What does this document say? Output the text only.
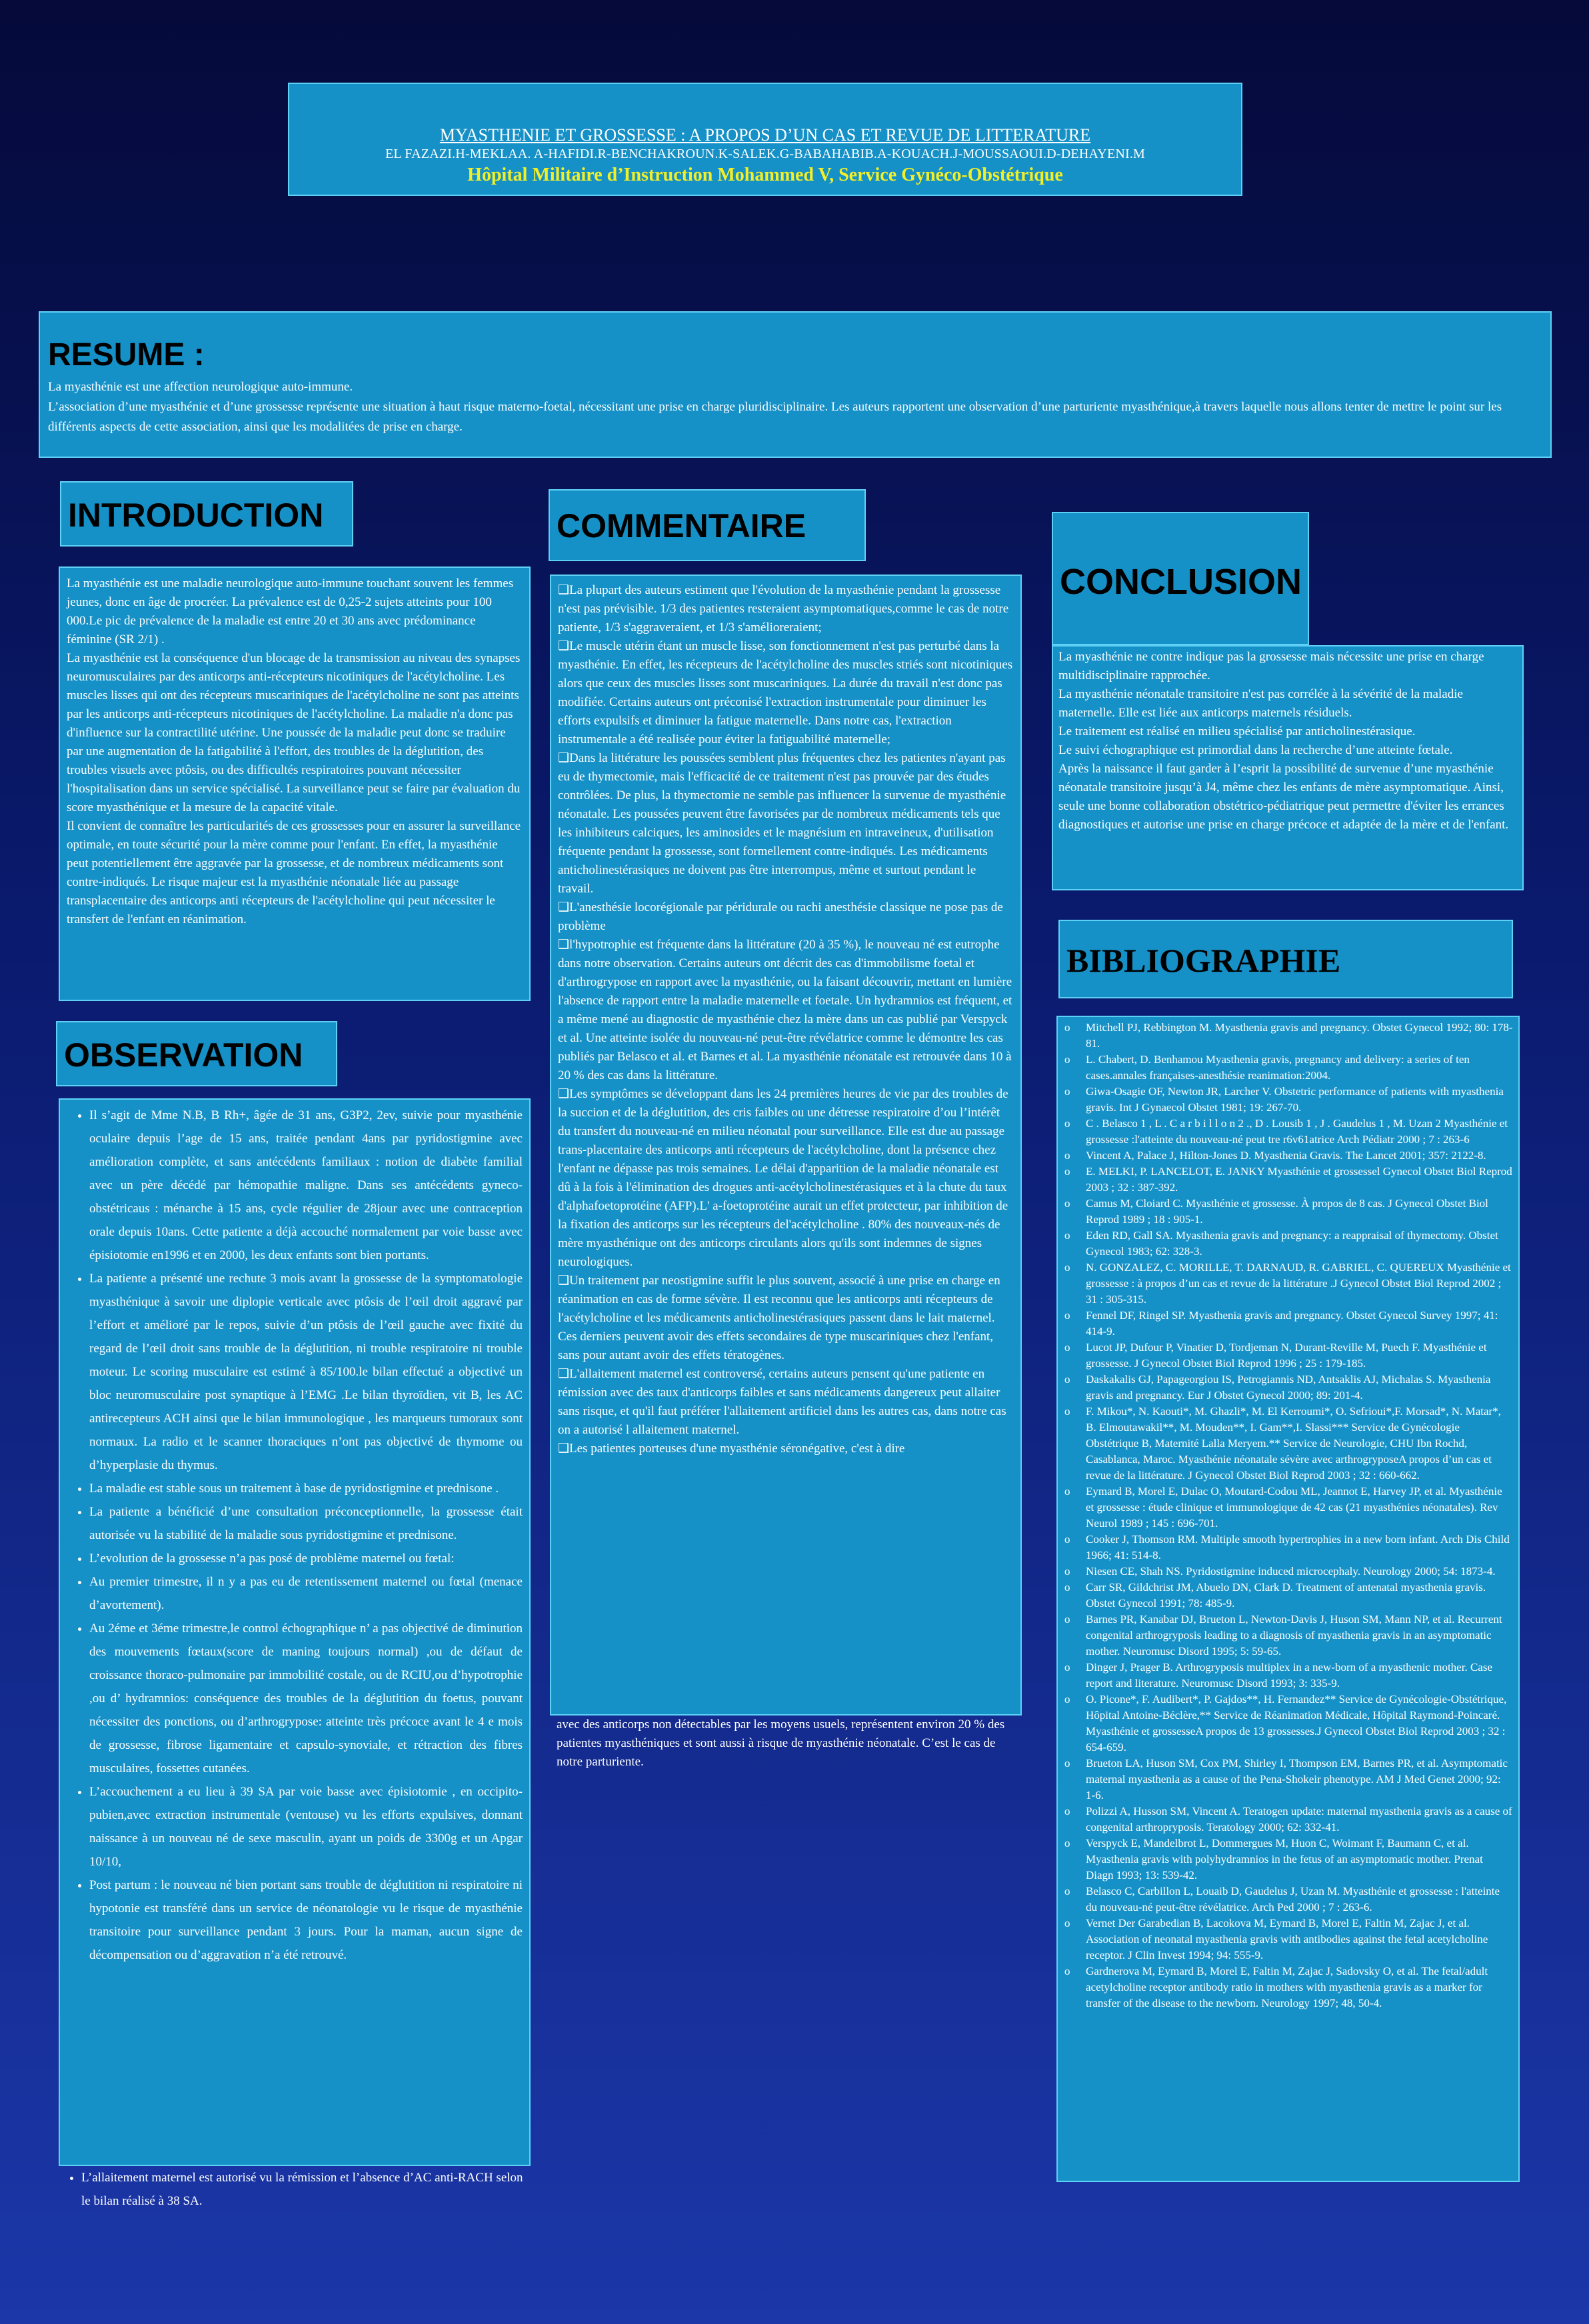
MYASTHENIE ET GROSSESSE : A PROPOS D’UN CAS ET REVUE DE LITTERATURE
EL FAZAZI.H-MEKLAA. A-HAFIDI.R-BENCHAKROUN.K-SALEK.G-BABAHABIB.A-KOUACH.J-MOUSSAOUI.D-DEHAYENI.M
Hôpital Militaire d’Instruction Mohammed V, Service Gynéco-Obstétrique
RESUME :

La myasthénie est une affection neurologique auto-immune.

L’association d’une myasthénie et d’une grossesse représente une situation à haut risque materno-foetal, nécessitant une prise en charge pluridisciplinaire. Les auteurs rapportent une observation d’une parturiente myasthénique,à travers laquelle nous allons tenter de mettre le point sur les différents aspects de cette association, ainsi que les modalitées de prise en charge.

INTRODUCTION

La myasthénie est une maladie neurologique auto-immune touchant souvent les femmes jeunes, donc en âge de procréer. La prévalence est de 0,25-2 sujets atteints pour 100 000.Le pic de prévalence de la maladie est entre 20 et 30 ans avec prédominance féminine (SR 2/1) .

La myasthénie est la conséquence d'un blocage de la transmission au niveau des synapses neuromusculaires par des anticorps anti-récepteurs nicotiniques de l'acétylcholine. Les muscles lisses qui ont des récepteurs muscariniques de l'acétylcholine ne sont pas atteints par les anticorps anti-récepteurs nicotiniques de l'acétylcholine. La maladie n'a donc pas d'influence sur la contractilité utérine. Une poussée de la maladie peut donc se traduire par une augmentation de la fatigabilité à l'effort, des troubles de la déglutition, des troubles visuels avec ptôsis, ou des difficultés respiratoires pouvant nécessiter l'hospitalisation dans un service spécialisé. La surveillance peut se faire par évaluation du score myasthénique et la mesure de la capacité vitale.

Il convient de connaître les particularités de ces grossesses pour en assurer la surveillance optimale, en toute sécurité pour la mère comme pour l'enfant. En effet, la myasthénie peut potentiellement être aggravée par la grossesse, et de nombreux médicaments sont contre-indiqués. Le risque majeur est la myasthénie néonatale liée au passage transplacentaire des anticorps anti récepteurs de l'acétylcholine qui peut nécessiter le transfert de l'enfant en réanimation.

OBSERVATION
• Il s’agit de Mme N.B, B Rh+, âgée de 31 ans, G3P2, 2ev, suivie pour myasthénie oculaire depuis l’age de 15 ans, traitée pendant 4ans par pyridostigmine avec amélioration complète, et sans antécédents familiaux : notion de diabète familial avec un père décédé par hémopathie maligne. Dans ses antécédents gyneco-obstétricaus : ménarche à 15 ans, cycle régulier de 28jour avec une contraception orale depuis 10ans. Cette patiente a déjà accouché normalement par voie basse avec épisiotomie en1996 et en 2000, les deux enfants sont bien portants.
• La patiente a présenté une rechute 3 mois avant la grossesse de la symptomatologie myasthénique à savoir une diplopie verticale avec ptôsis de l’œil droit aggravé par l’effort et amélioré par le repos, suivie d’un ptôsis de l’œil gauche avec fixité du regard de l’œil droit sans trouble de la déglutition, ni trouble respiratoire ni trouble moteur. Le scoring musculaire est estimé à 85/100.le bilan effectué a objectivé un bloc neuromusculaire post synaptique à l’EMG .Le bilan thyroïdien, vit B, les AC antirecepteurs ACH ainsi que le bilan immunologique , les marqueurs tumoraux sont normaux. La radio et le scanner thoraciques n’ont pas objectivé de thymome ou d’hyperplasie du thymus.
• La maladie est stable sous un traitement à base de pyridostigmine et prednisone .
• La patiente a bénéficié d’une consultation préconceptionnelle, la grossesse était autorisée vu la stabilité de la maladie sous pyridostigmine et prednisone.
• L’evolution de la grossesse n’a pas posé de problème maternel ou fœtal:
• Au premier trimestre, il n y a pas eu de retentissement maternel ou fœtal (menace d’avortement).
• Au 2éme et 3éme trimestre,le control échographique n’ a pas objectivé de diminution des mouvements fœtaux(score de maning toujours normal) ,ou de défaut de croissance thoraco-pulmonaire par immobilité costale, ou de RCIU,ou d’hypotrophie ,ou d’ hydramnios: conséquence des troubles de la déglutition du foetus, pouvant nécessiter des ponctions, ou d’arthrogrypose: atteinte très précoce avant le 4 e mois de grossesse, fibrose ligamentaire et capsulo-synoviale, et rétraction des fibres musculaires, fossettes cutanées.
• L’accouchement a eu lieu à 39 SA par voie basse avec épisiotomie , en occipito-pubien,avec extraction instrumentale (ventouse) vu les efforts expulsives, donnant naissance à un nouveau né de sexe masculin, ayant un poids de 3300g et un Apgar 10/10,
• Post partum : le nouveau né bien portant sans trouble de déglutition ni respiratoire ni hypotonie est transféré dans un service de néonatologie vu le risque de myasthénie transitoire pour surveillance pendant 3 jours. Pour la maman, aucun signe de décompensation ou d’aggravation n’a été retrouvé.
• L’allaitement maternel est autorisé vu la rémission et l’absence d’AC anti-RACH selon le bilan réalisé à 38 SA.
COMMENTAIRE

❑La plupart des auteurs estiment que l'évolution de la myasthénie pendant la grossesse n'est pas prévisible. 1/3 des patientes resteraient asymptomatiques,comme le cas de notre patiente, 1/3 s'aggraveraient, et 1/3 s'amélioreraient;

❑Le muscle utérin étant un muscle lisse, son fonctionnement n'est pas perturbé dans la myasthénie. En effet, les récepteurs de l'acétylcholine des muscles striés sont nicotiniques alors que ceux des muscles lisses sont muscariniques. La durée du travail n'est donc pas modifiée. Certains auteurs ont préconisé l'extraction instrumentale pour diminuer les efforts expulsifs et diminuer la fatigue maternelle. Dans notre cas, l'extraction instrumentale a été realisée pour éviter la fatiguabilité maternelle;

❑Dans la littérature les poussées semblent plus fréquentes chez les patientes n'ayant pas eu de thymectomie, mais l'efficacité de ce traitement n'est pas prouvée par des études contrôlées. De plus, la thymectomie ne semble pas influencer la survenue de myasthénie néonatale. Les poussées peuvent être favorisées par de nombreux médicaments tels que les inhibiteurs calciques, les aminosides et le magnésium en intraveineux, d'utilisation fréquente pendant la grossesse, sont formellement contre-indiqués. Les médicaments anticholinestérasiques ne doivent pas être interrompus, même et surtout pendant le travail.

❑L'anesthésie locorégionale par péridurale ou rachi anesthésie classique ne pose pas de problème

❑l'hypotrophie est fréquente dans la littérature (20 à 35 %), le nouveau né est eutrophe dans notre observation. Certains auteurs ont décrit des cas d'immobilisme foetal et d'arthrogrypose en rapport avec la myasthénie, ou la faisant découvrir, mettant en lumière l'absence de rapport entre la maladie maternelle et foetale. Un hydramnios est fréquent, et a même mené au diagnostic de myasthénie chez la mère dans un cas publié par Verspyck et al. Une atteinte isolée du nouveau-né peut-être révélatrice comme le démontre les cas publiés par Belasco et al. et Barnes et al. La myasthénie néonatale est retrouvée dans 10 à 20 % des cas dans la littérature.

❑Les symptômes se développant dans les 24 premières heures de vie par des troubles de la succion et de la déglutition, des cris faibles ou une détresse respiratoire d’ou l’intérêt du transfert du nouveau-né en milieu néonatal pour surveillance. Elle est due au passage trans-placentaire des anticorps anti récepteurs de l'acétylcholine, dont la présence chez l'enfant ne dépasse pas trois semaines. Le délai d'apparition de la maladie néonatale est dû à la fois à l'élimination des drogues anti-acétylcholinestérasiques et à la chute du taux d'alphafoetoprotéine (AFP).L' a-foetoprotéine aurait un effet protecteur, par inhibition de la fixation des anticorps sur les récepteurs del'acétylcholine . 80% des nouveaux-nés de mère myasthénique ont des anticorps circulants alors qu'ils sont indemnes de signes neurologiques.

❑Un traitement par neostigmine suffit le plus souvent, associé à une prise en charge en réanimation en cas de forme sévère. Il est reconnu que les anticorps anti récepteurs de l'acétylcholine et les médicaments anticholinestérasiques passent dans le lait maternel. Ces derniers peuvent avoir des effets secondaires de type muscariniques chez l'enfant, sans pour autant avoir des effets tératogènes.

❑L'allaitement maternel est controversé, certains auteurs pensent qu'une patiente en rémission avec des taux d'anticorps faibles et sans médicaments dangereux peut allaiter sans risque, et qu'il faut préférer l'allaitement artificiel dans les autres cas, dans notre cas on a autorisé l allaitement maternel.

❑Les patientes porteuses d'une myasthénie séronégative, c'est à dire

avec des anticorps non détectables par les moyens usuels, représentent environ 20 % des patientes myasthéniques et sont aussi à risque de myasthénie néonatale. C’est le cas de notre parturiente.
CONCLUSION

La myasthénie ne contre indique pas la grossesse mais nécessite une prise en charge multidisciplinaire rapprochée.

La myasthénie néonatale transitoire n'est pas corrélée à la sévérité de la maladie maternelle. Elle est liée aux anticorps maternels résiduels.

Le traitement est réalisé en milieu spécialisé par anticholinestérasique.

Le suivi échographique est primordial dans la recherche d’une atteinte fœtale.

Après la naissance il faut garder à l’esprit la possibilité de survenue d’une myasthénie néonatale transitoire jusqu’à J4, même chez les enfants de mère asymptomatique. Ainsi, seule une bonne collaboration obstétrico-pédiatrique peut permettre d'éviter les errances diagnostiques et autorise une prise en charge précoce et adaptée de la mère et de l'enfant.

BIBLIOGRAPHIE
o Mitchell PJ, Rebbington M. Myasthenia gravis and pregnancy. Obstet Gynecol 1992; 80: 178-81.
o L. Chabert, D. Benhamou Myasthenia gravis, pregnancy and delivery: a series of ten cases.annales françaises-anesthésie reanimation:2004.
o Giwa-Osagie OF, Newton JR, Larcher V. Obstetric performance of patients with myasthenia gravis. Int J Gynaecol Obstet 1981; 19: 267-70.
o C . Belasco 1 , L . C a r b i l l o n 2 ., D . Lousib 1 , J . Gaudelus 1 , M. Uzan 2 Myasthénie et grossesse :l'atteinte du nouveau-né peut tre r6v61atrice Arch Pédiatr 2000 ; 7 : 263-6
o Vincent A, Palace J, Hilton-Jones D. Myasthenia Gravis. The Lancet 2001; 357: 2122-8.
o E. MELKI, P. LANCELOT, E. JANKY Myasthénie et grossessel Gynecol Obstet Biol Reprod 2003 ; 32 : 387-392.
o Camus M, Cloiard C. Myasthénie et grossesse. À propos de 8 cas. J Gynecol Obstet Biol Reprod 1989 ; 18 : 905-1.
o Eden RD, Gall SA. Myasthenia gravis and pregnancy: a reappraisal of thymectomy. Obstet Gynecol 1983; 62: 328-3.
o N. GONZALEZ, C. MORILLE, T. DARNAUD, R. GABRIEL, C. QUEREUX Myasthénie et grossesse : à propos d’un cas et revue de la littérature .J Gynecol Obstet Biol Reprod 2002 ; 31 : 305-315.
o Fennel DF, Ringel SP. Myasthenia gravis and pregnancy. Obstet Gynecol Survey 1997; 41: 414-9.
o Lucot JP, Dufour P, Vinatier D, Tordjeman N, Durant-Reville M, Puech F. Myasthénie et grossesse. J Gynecol Obstet Biol Reprod 1996 ; 25 : 179-185.
o Daskakalis GJ, Papageorgiou IS, Petrogiannis ND, Antsaklis AJ, Michalas S. Myasthenia gravis and pregnancy. Eur J Obstet Gynecol 2000; 89: 201-4.
o F. Mikou*, N. Kaouti*, M. Ghazli*, M. El Kerroumi*, O. Sefrioui*,F. Morsad*, N. Matar*, B. Elmoutawakil**, M. Mouden**, I. Gam**,I. Slassi*** Service de Gynécologie Obstétrique B, Maternité Lalla Meryem.** Service de Neurologie, CHU Ibn Rochd, Casablanca, Maroc. Myasthénie néonatale sévère avec arthrogryposeA propos d’un cas et revue de la littérature. J Gynecol Obstet Biol Reprod 2003 ; 32 : 660-662.
o Eymard B, Morel E, Dulac O, Moutard-Codou ML, Jeannot E, Harvey JP, et al. Myasthénie et grossesse : étude clinique et immunologique de 42 cas (21 myasthénies néonatales). Rev Neurol 1989 ; 145 : 696-701.
o Cooker J, Thomson RM. Multiple smooth hypertrophies in a new born infant. Arch Dis Child 1966; 41: 514-8.
o Niesen CE, Shah NS. Pyridostigmine induced microcephaly. Neurology 2000; 54: 1873-4.
o Carr SR, Gildchrist JM, Abuelo DN, Clark D. Treatment of antenatal myasthenia gravis. Obstet Gynecol 1991; 78: 485-9.
o Barnes PR, Kanabar DJ, Brueton L, Newton-Davis J, Huson SM, Mann NP, et al. Recurrent congenital arthrogryposis leading to a diagnosis of myasthenia gravis in an asymptomatic mother. Neuromusc Disord 1995; 5: 59-65.
o Dinger J, Prager B. Arthrogryposis multiplex in a new-born of a myasthenic mother. Case report and literature. Neuromusc Disord 1993; 3: 335-9.
o O. Picone*, F. Audibert*, P. Gajdos**, H. Fernandez** Service de Gynécologie-Obstétrique, Hôpital Antoine-Béclère,** Service de Réanimation Médicale, Hôpital Raymond-Poincaré. Myasthénie et grossesseA propos de 13 grossesses.J Gynecol Obstet Biol Reprod 2003 ; 32 : 654-659.
o Brueton LA, Huson SM, Cox PM, Shirley I, Thompson EM, Barnes PR, et al. Asymptomatic maternal myasthenia as a cause of the Pena-Shokeir phenotype. AM J Med Genet 2000; 92: 1-6.
o Polizzi A, Husson SM, Vincent A. Teratogen update: maternal myasthenia gravis as a cause of congenital arthropryposis. Teratology 2000; 62: 332-41.
o Verspyck E, Mandelbrot L, Dommergues M, Huon C, Woimant F, Baumann C, et al. Myasthenia gravis with polyhydramnios in the fetus of an asymptomatic mother. Prenat Diagn 1993; 13: 539-42.
o Belasco C, Carbillon L, Louaib D, Gaudelus J, Uzan M. Myasthénie et grossesse : l'atteinte du nouveau-né peut-être révélatrice. Arch Ped 2000 ; 7 : 263-6.
o Vernet Der Garabedian B, Lacokova M, Eymard B, Morel E, Faltin M, Zajac J, et al. Association of neonatal myasthenia gravis with antibodies against the fetal acetylcholine receptor. J Clin Invest 1994; 94: 555-9.
o Gardnerova M, Eymard B, Morel E, Faltin M, Zajac J, Sadovsky O, et al. The fetal/adult acetylcholine receptor antibody ratio in mothers with myasthenia gravis as a marker for transfer of the disease to the newborn. Neurology 1997; 48, 50-4.
